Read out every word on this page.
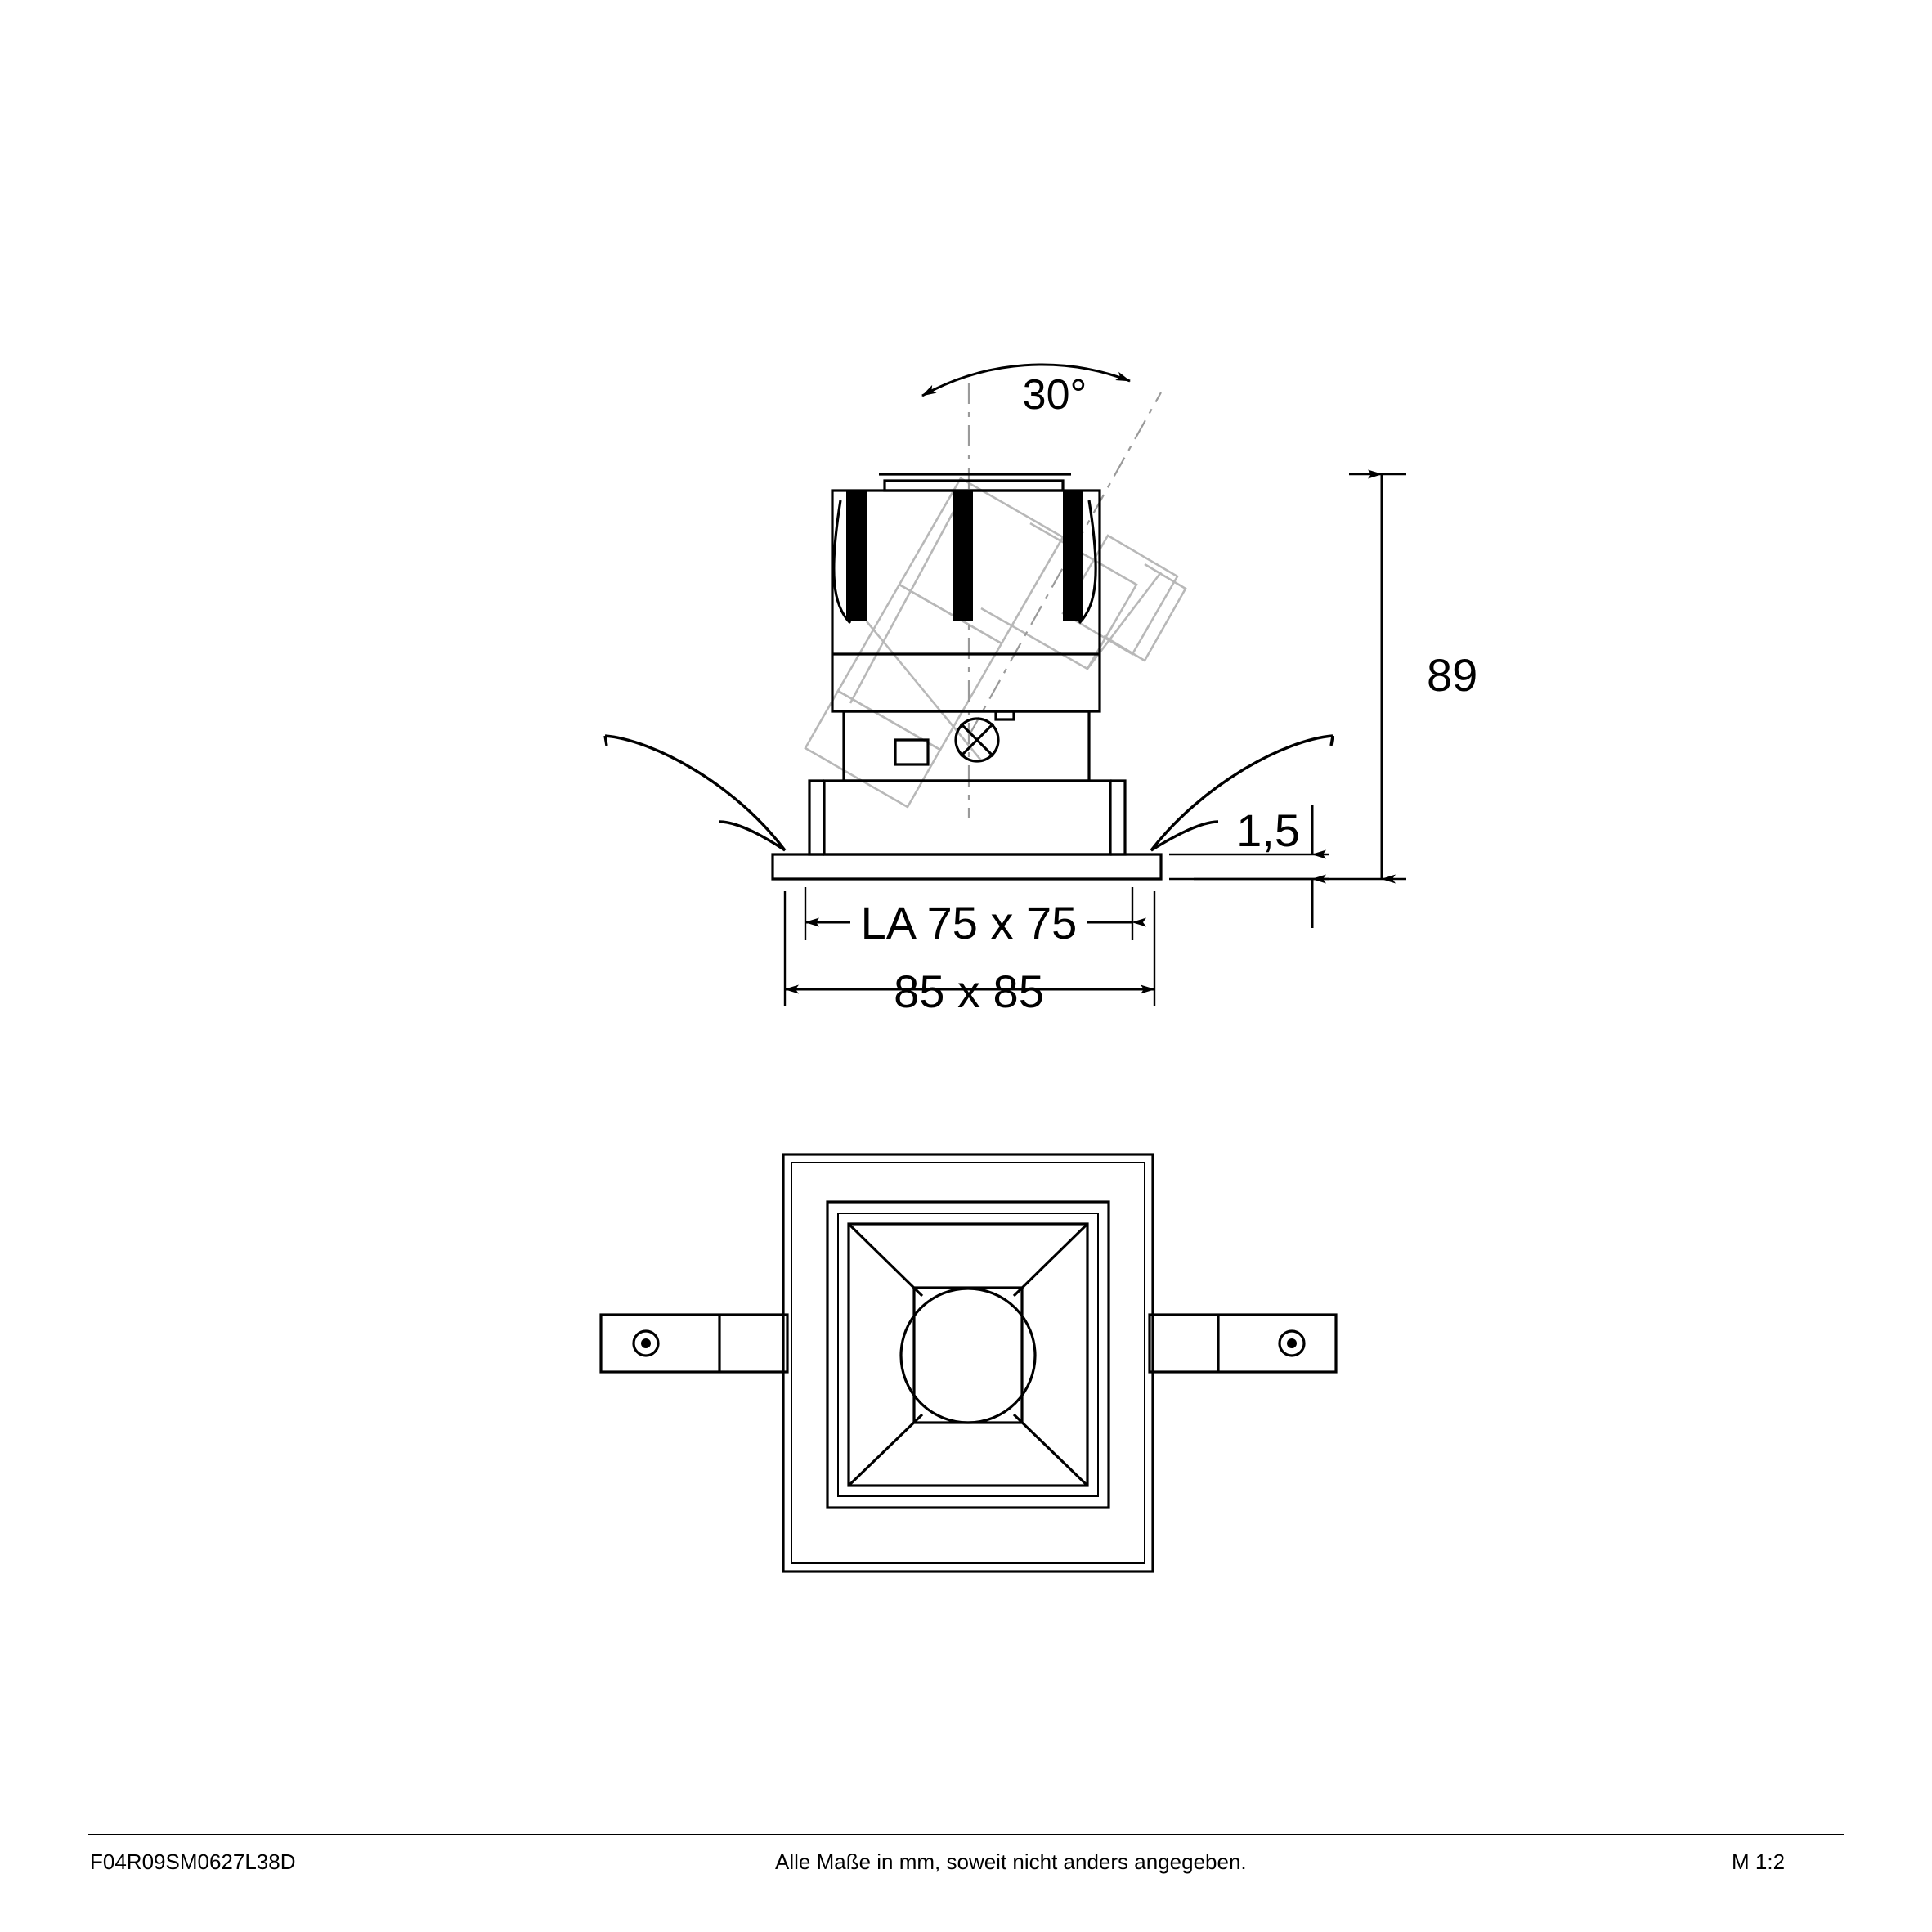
30°
89
1,5
LA 75 x 75
85 x 85
F04R09SM0627L38D	Alle Maße in mm, soweit nicht anders angegeben.	M 1:2
